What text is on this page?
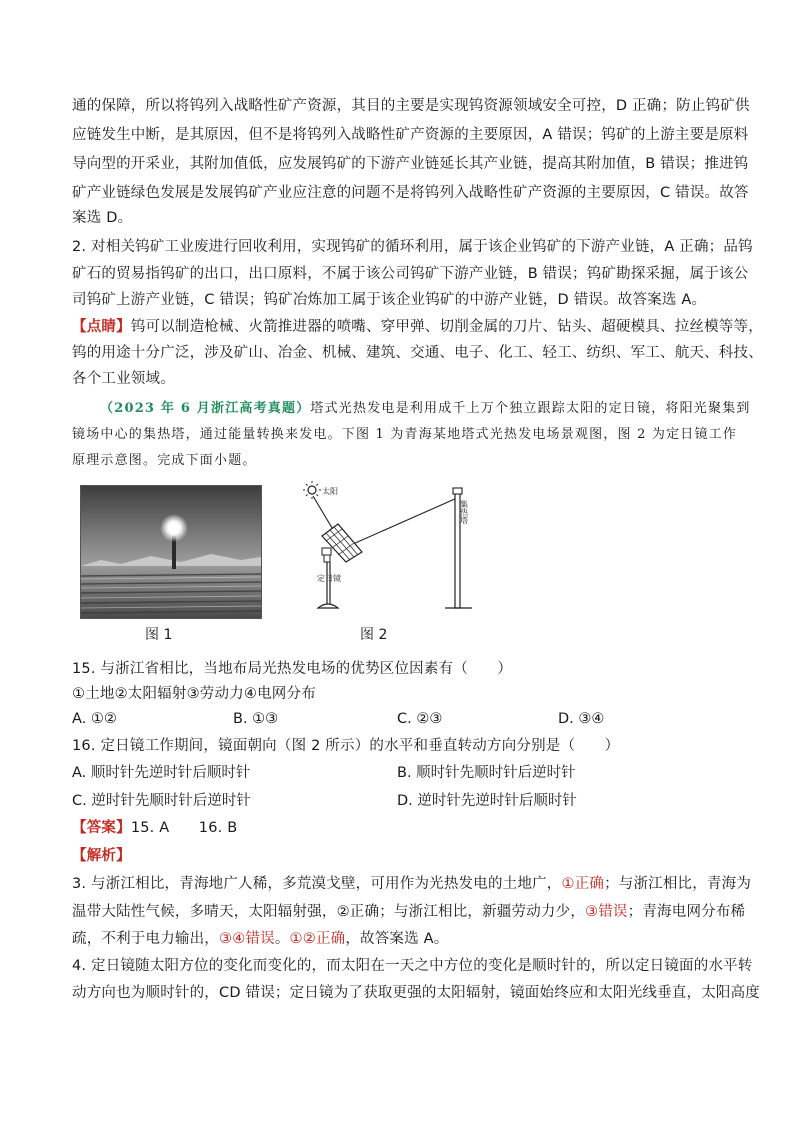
通的保障，所以将钨列入战略性矿产资源，其目的主要是实现钨资源领域安全可控，D 正确；防止钨矿供
应链发生中断，是其原因，但不是将钨列入战略性矿产资源的主要原因，A 错误；钨矿的上游主要是原料
导向型的开采业，其附加值低，应发展钨矿的下游产业链延长其产业链，提高其附加值，B 错误；推进钨
矿产业链绿色发展是发展钨矿产业应注意的问题不是将钨列入战略性矿产资源的主要原因，C 错误。故答
案选 D。
2. 对相关钨矿工业废进行回收利用，实现钨矿的循环利用，属于该企业钨矿的下游产业链，A 正确；品钨
矿石的贸易指钨矿的出口，出口原料，不属于该公司钨矿下游产业链，B 错误；钨矿勘探采掘，属于该公
司钨矿上游产业链，C 错误；钨矿冶炼加工属于该企业钨矿的中游产业链，D 错误。故答案选 A。
【点睛】钨可以制造枪械、火箭推进器的喷嘴、穿甲弹、切削金属的刀片、钻头、超硬模具、拉丝模等等，
钨的用途十分广泛，涉及矿山、冶金、机械、建筑、交通、电子、化工、轻工、纺织、军工、航天、科技、
各个工业领域。
（2023 年 6 月浙江高考真题）塔式光热发电是利用成千上万个独立跟踪太阳的定日镜，将阳光聚集到
镜场中心的集热塔，通过能量转换来发电。下图 1 为青海某地塔式光热发电场景观图，图 2 为定日镜工作
原理示意图。完成下面小题。
图 1
太阳
定日镜
集热塔
图 2
15. 与浙江省相比，当地布局光热发电场的优势区位因素有（　　）
①土地②太阳辐射③劳动力④电网分布
A. ①②	B. ①③	C. ②③	D. ③④
16. 定日镜工作期间，镜面朝向（图 2 所示）的水平和垂直转动方向分别是（　　）
A. 顺时针先逆时针后顺时针	B. 顺时针先顺时针后逆时针
C. 逆时针先顺时针后逆时针	D. 逆时针先逆时针后顺时针
【答案】15. A　　16. B
【解析】
3. 与浙江相比，青海地广人稀，多荒漠戈壁，可用作为光热发电的土地广，①正确；与浙江相比，青海为
温带大陆性气候，多晴天，太阳辐射强，②正确；与浙江相比，新疆劳动力少，③错误；青海电网分布稀
疏，不利于电力输出，③④错误。①②正确，故答案选 A。
4. 定日镜随太阳方位的变化而变化的，而太阳在一天之中方位的变化是顺时针的，所以定日镜面的水平转
动方向也为顺时针的，CD 错误；定日镜为了获取更强的太阳辐射，镜面始终应和太阳光线垂直，太阳高度
